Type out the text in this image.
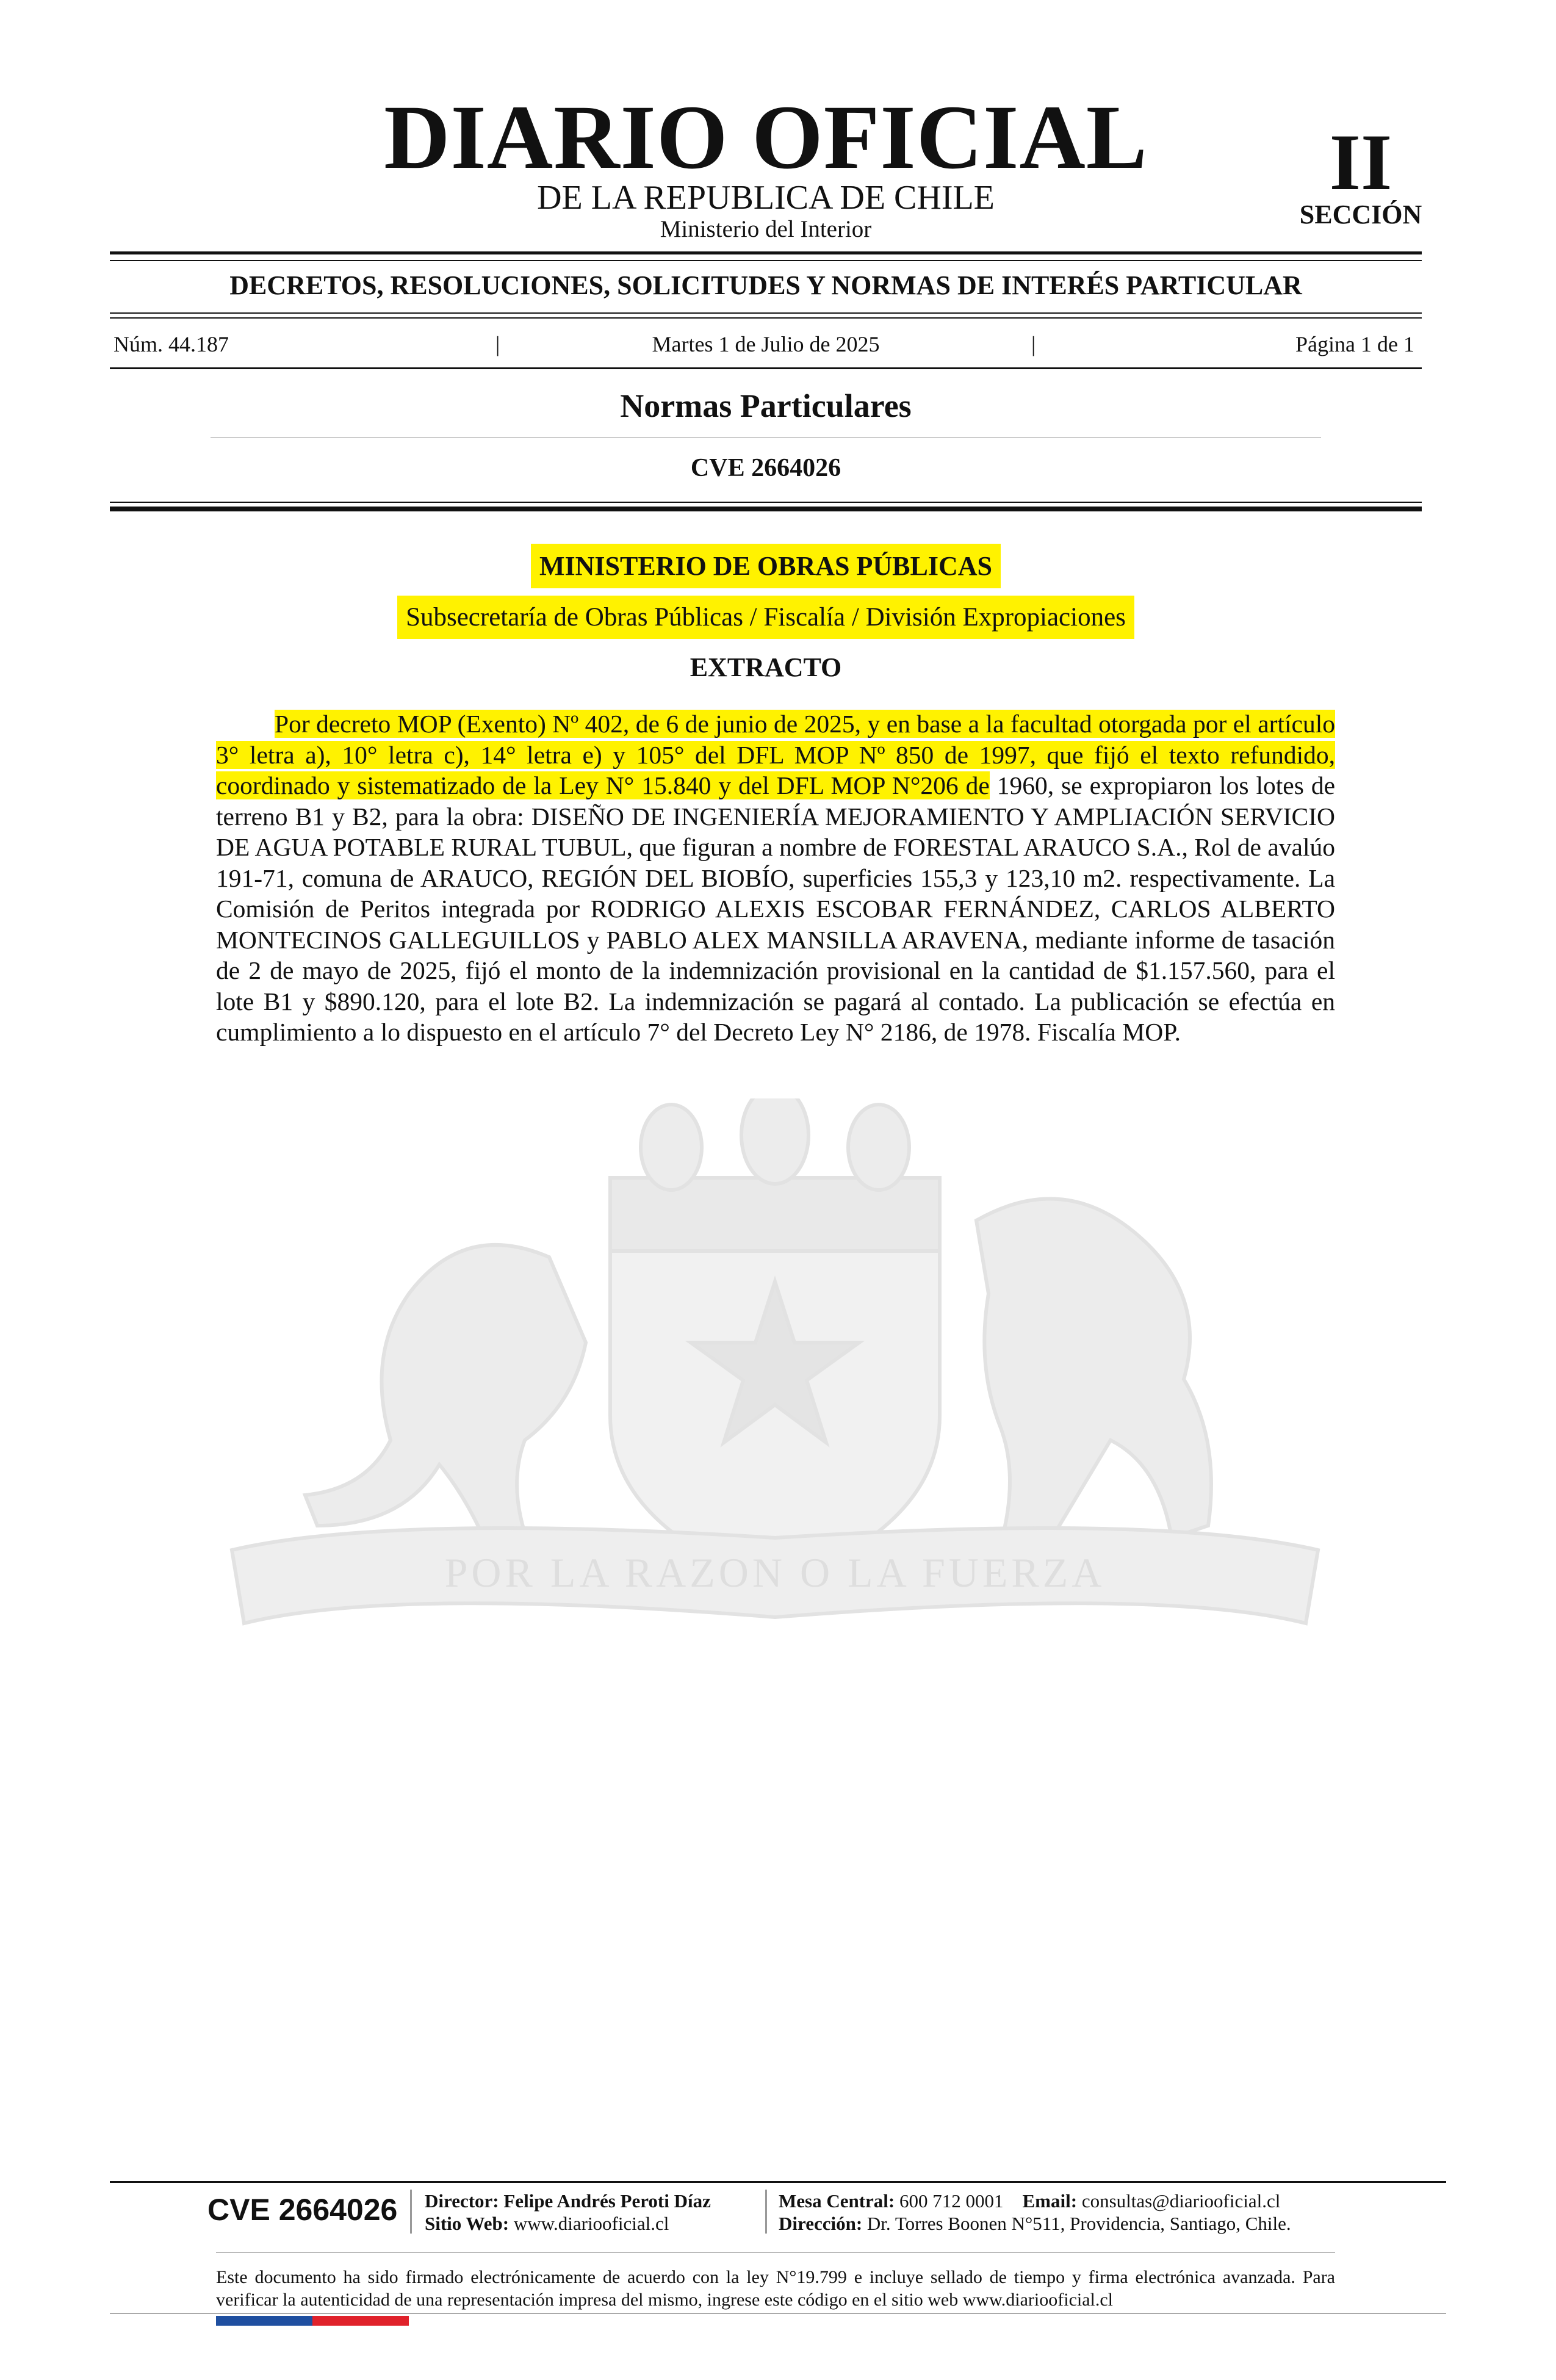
DIARIO OFICIAL
DE LA REPUBLICA DE CHILE
Ministerio del Interior
II
SECCIÓN
DECRETOS, RESOLUCIONES, SOLICITUDES Y NORMAS DE INTERÉS PARTICULAR
Núm. 44.187	|	Martes 1 de Julio de 2025	|	Página 1 de 1
Normas Particulares
CVE 2664026
MINISTERIO DE OBRAS PÚBLICAS
Subsecretaría de Obras Públicas / Fiscalía / División Expropiaciones
EXTRACTO
POR LA RAZON O LA FUERZA
Por decreto MOP (Exento) Nº 402, de 6 de junio de 2025, y en base a la facultad otorgada por el artículo 3° letra a), 10° letra c), 14° letra e) y 105° del DFL MOP Nº 850 de 1997, que fijó el texto refundido, coordinado y sistematizado de la Ley N° 15.840 y del DFL MOP N°206 de 1960, se expropiaron los lotes de terreno B1 y B2, para la obra: DISEÑO DE INGENIERÍA MEJORAMIENTO Y AMPLIACIÓN SERVICIO DE AGUA POTABLE RURAL TUBUL, que figuran a nombre de FORESTAL ARAUCO S.A., Rol de avalúo 191-71, comuna de ARAUCO, REGIÓN DEL BIOBÍO, superficies 155,3 y 123,10 m2. respectivamente. La Comisión de Peritos integrada por RODRIGO ALEXIS ESCOBAR FERNÁNDEZ, CARLOS ALBERTO MONTECINOS GALLEGUILLOS y PABLO ALEX MANSILLA ARAVENA, mediante informe de tasación de 2 de mayo de 2025, fijó el monto de la indemnización provisional en la cantidad de $1.157.560, para el lote B1 y $890.120, para el lote B2. La indemnización se pagará al contado. La publicación se efectúa en cumplimiento a lo dispuesto en el artículo 7° del Decreto Ley N° 2186, de 1978. Fiscalía MOP.
CVE 2664026 Director: Felipe Andrés Peroti Díaz
Sitio Web: www.diariooficial.cl
Mesa Central: 600 712 0001 Email: consultas@diariooficial.cl
Dirección: Dr. Torres Boonen N°511, Providencia, Santiago, Chile.
Este documento ha sido firmado electrónicamente de acuerdo con la ley N°19.799 e incluye sellado de tiempo y firma electrónica avanzada. Para verificar la autenticidad de una representación impresa del mismo, ingrese este código en el sitio web www.diariooficial.cl
